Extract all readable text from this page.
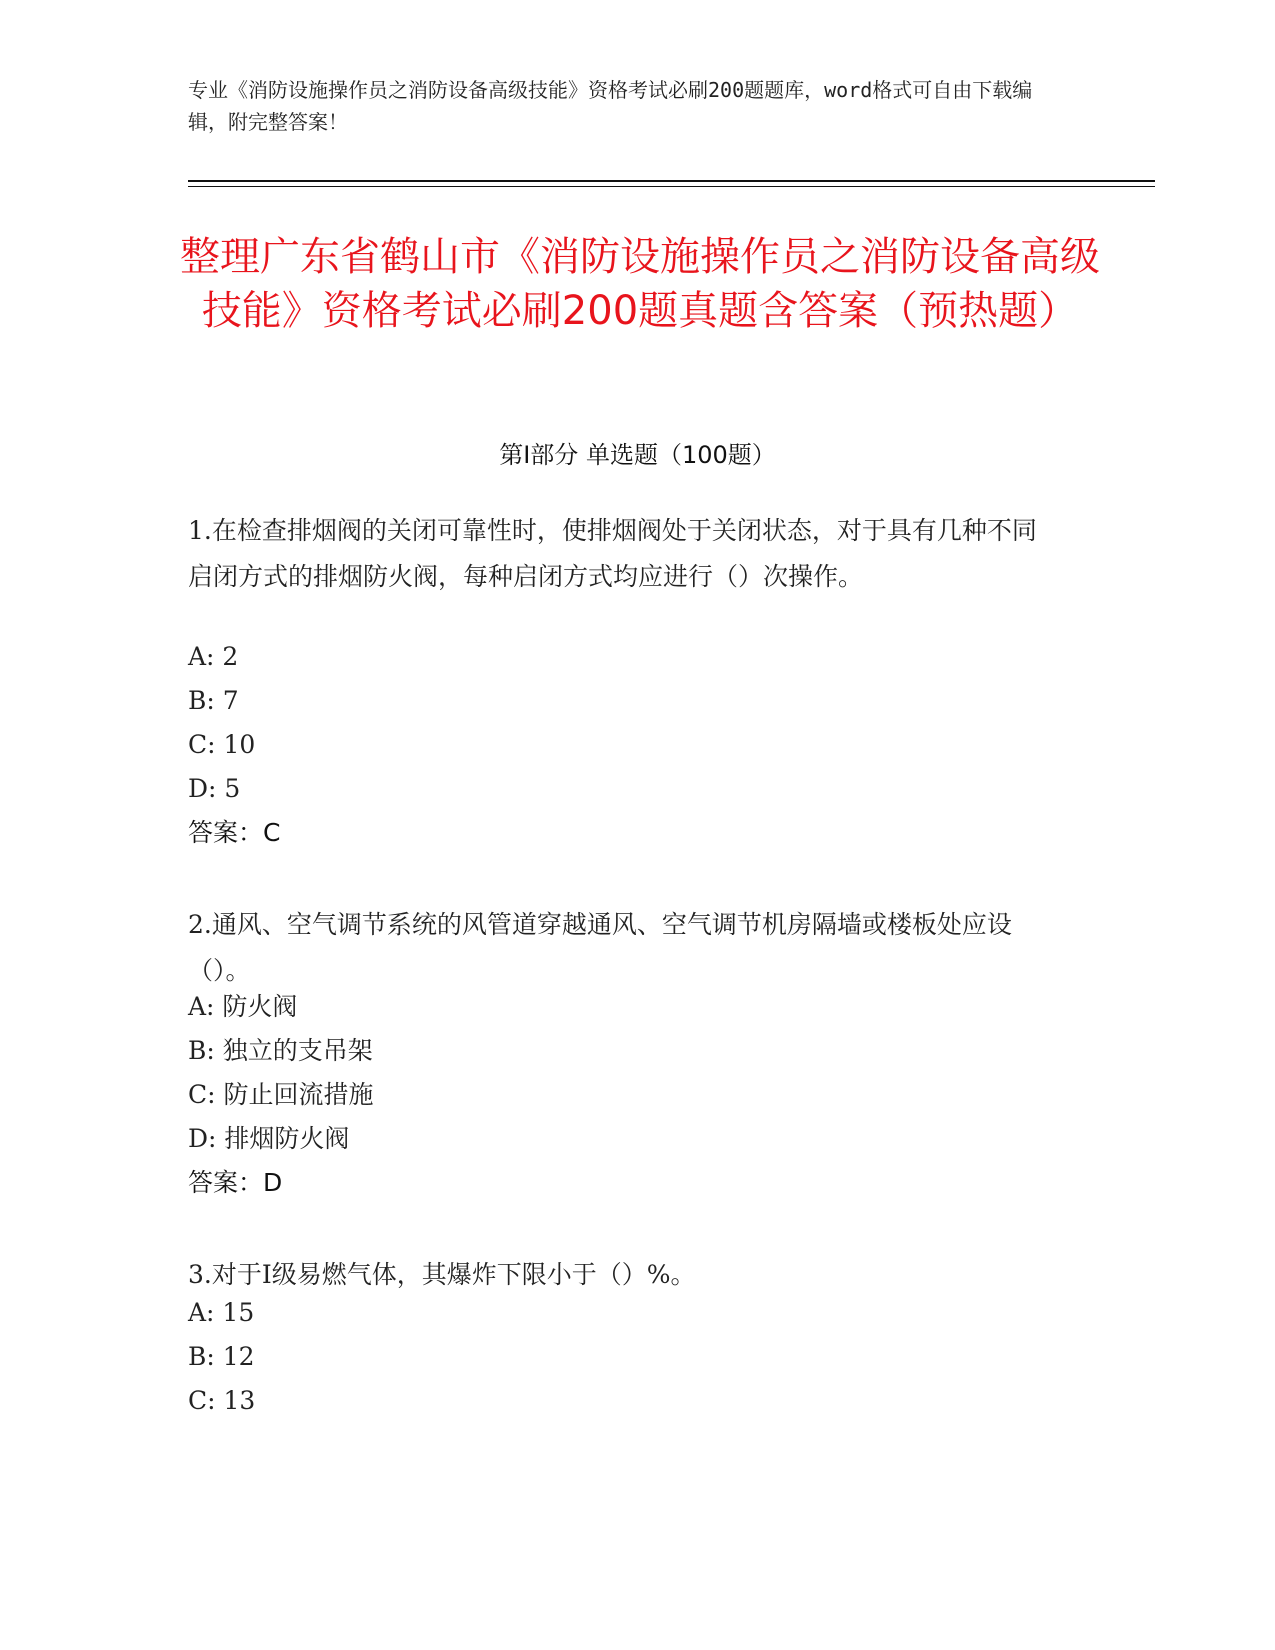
专业《消防设施操作员之消防设备高级技能》资格考试必刷200题题库，word格式可自由下载编辑，附完整答案！
整理广东省鹤山市《消防设施操作员之消防设备高级技能》资格考试必刷200题真题含答案（预热题）
第Ⅰ部分 单选题（100题）
1.在检查排烟阀的关闭可靠性时，使排烟阀处于关闭状态，对于具有几种不同启闭方式的排烟防火阀，每种启闭方式均应进行（）次操作。
A: 2
B: 7
C: 10
D: 5
答案：C
2.通风、空气调节系统的风管道穿越通风、空气调节机房隔墙或楼板处应设（）。
A: 防火阀
B: 独立的支吊架
C: 防止回流措施
D: 排烟防火阀
答案：D
3.对于Ⅰ级易燃气体，其爆炸下限小于（）%。
A: 15
B: 12
C: 13
